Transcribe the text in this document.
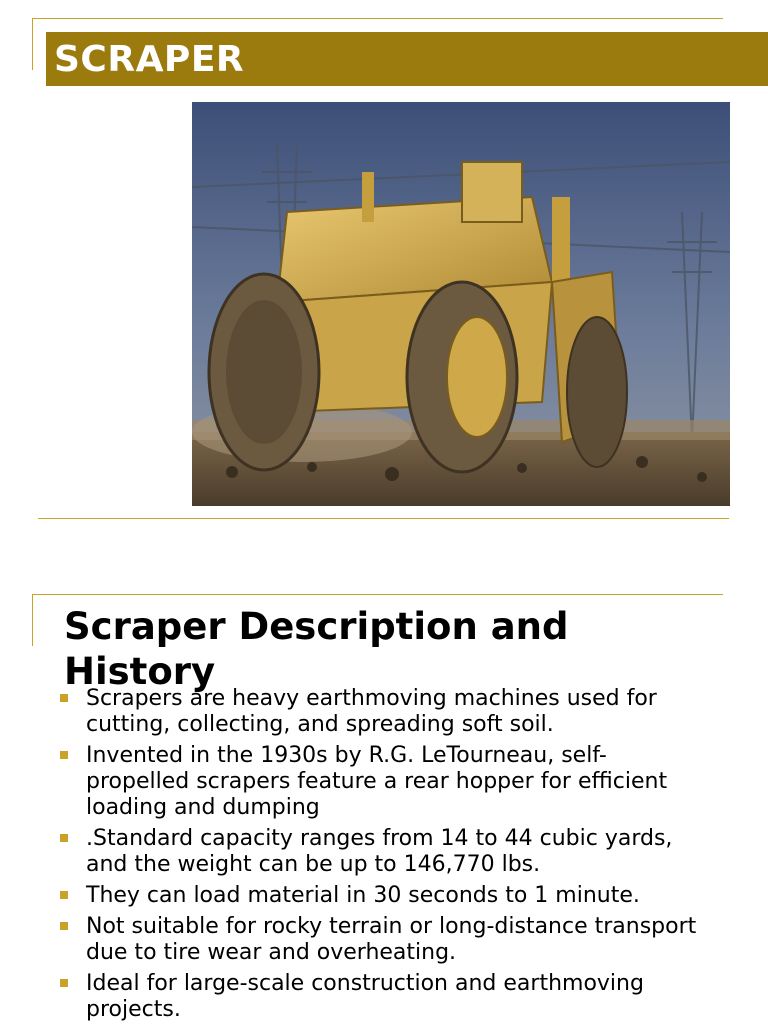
SCRAPER
Scraper Description and History
Scrapers are heavy earthmoving machines used for cutting, collecting, and spreading soft soil.
Invented in the 1930s by R.G. LeTourneau, self-propelled scrapers feature a rear hopper for efficient loading and dumping
.Standard capacity ranges from 14 to 44 cubic yards, and the weight can be up to 146,770 lbs.
They can load material in 30 seconds to 1 minute.
Not suitable for rocky terrain or long-distance transport due to tire wear and overheating.
Ideal for large-scale construction and earthmoving projects.
